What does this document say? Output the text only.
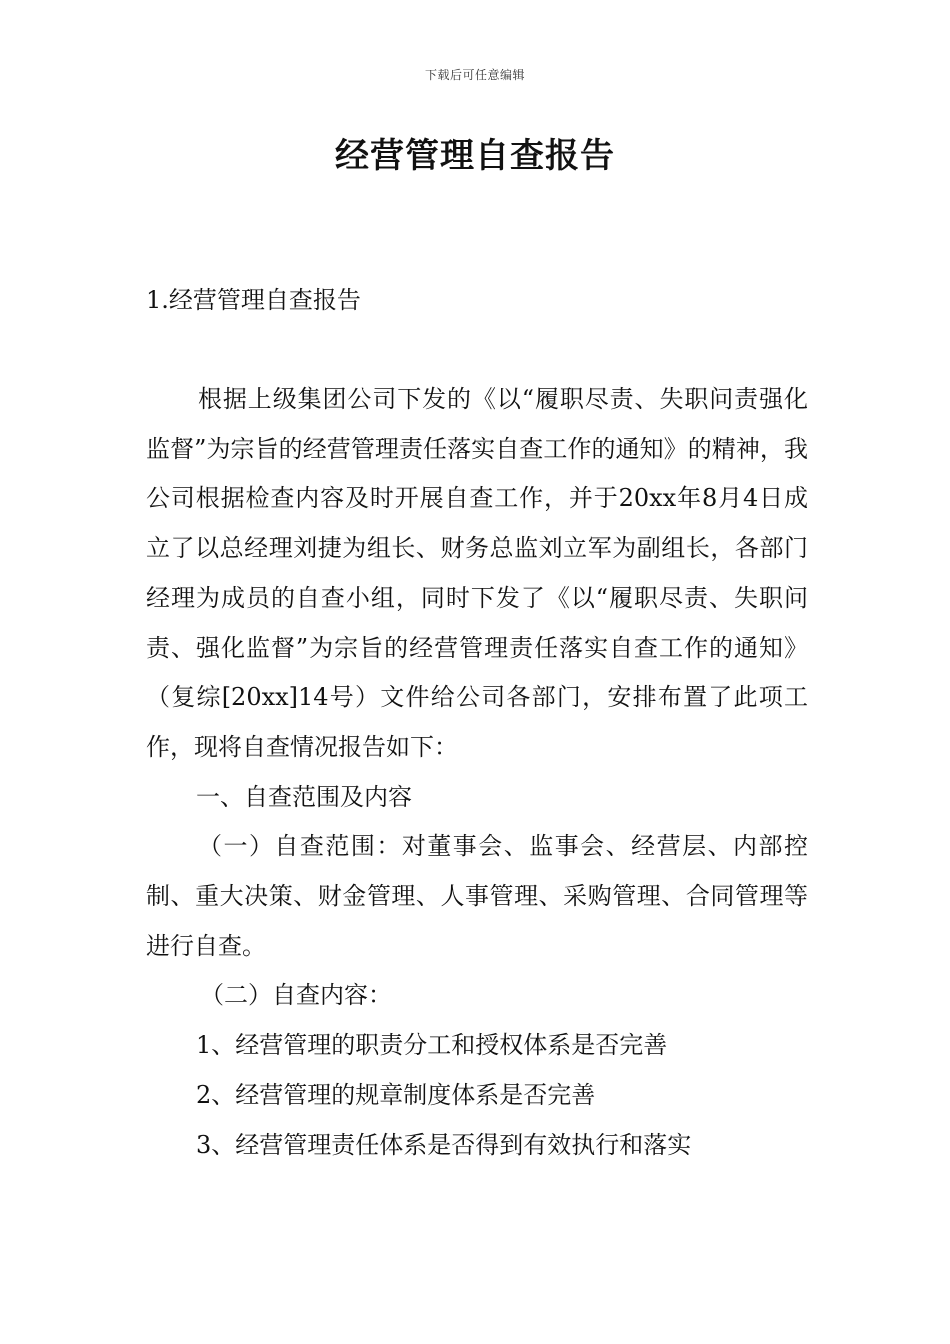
下载后可任意编辑
经营管理自查报告
1.经营管理自查报告

根据上级集团公司下发的《以“履职尽责、失职问责强化监督”为宗旨的经营管理责任落实自查工作的通知》的精神，我公司根据检查内容及时开展自查工作，并于20xx年8月4日成立了以总经理刘捷为组长、财务总监刘立军为副组长，各部门经理为成员的自查小组，同时下发了《以“履职尽责、失职问责、强化监督”为宗旨的经营管理责任落实自查工作的通知》（复综[20xx]14号）文件给公司各部门，安排布置了此项工作，现将自查情况报告如下：

一、自查范围及内容

（一）自查范围：对董事会、监事会、经营层、内部控制、重大决策、财金管理、人事管理、采购管理、合同管理等进行自查。

（二）自查内容：

1、经营管理的职责分工和授权体系是否完善

2、经营管理的规章制度体系是否完善

3、经营管理责任体系是否得到有效执行和落实
